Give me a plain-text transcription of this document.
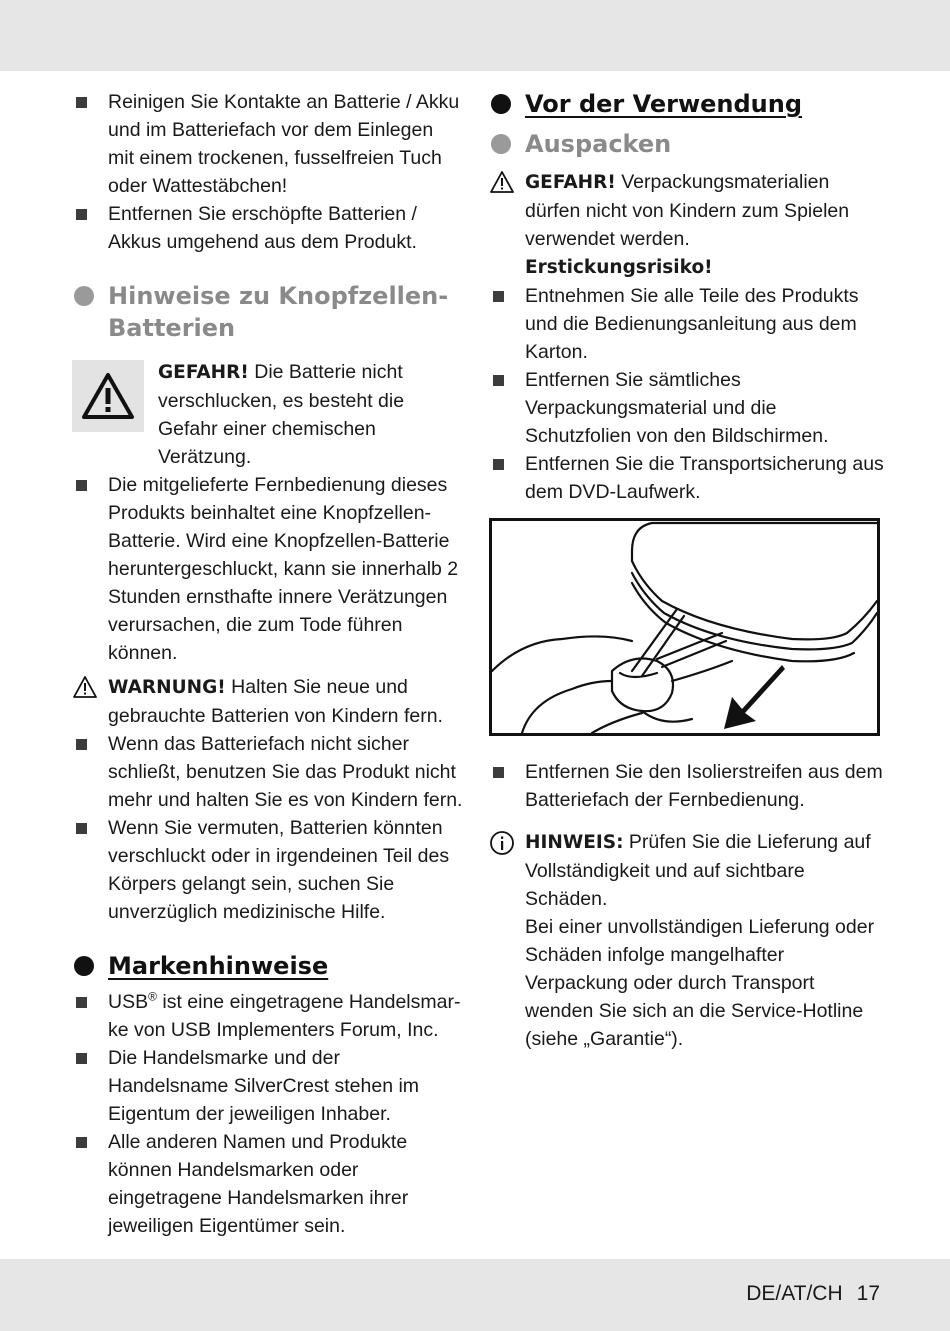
Reinigen Sie Kontakte an Batterie / Akku und im Batteriefach vor dem Einlegen mit einem trockenen, fusselfreien Tuch oder Wattestäbchen!
Entfernen Sie erschöpfte Batterien / Akkus umgehend aus dem Produkt.
Hinweise zu Knopfzellen-
Batterien
GEFAHR! Die Batterie nicht verschlucken, es besteht die Gefahr einer chemischen Verätzung.
Die mitgelieferte Fernbedienung dieses Produkts beinhaltet eine Knopfzellen-Batterie. Wird eine Knopfzellen-Batterie heruntergeschluckt, kann sie innerhalb 2 Stunden ernsthafte innere Verätzungen verursachen, die zum Tode führen können.
WARNUNG! Halten Sie neue und gebrauchte Batterien von Kindern fern.
Wenn das Batteriefach nicht sicher schließt, benutzen Sie das Produkt nicht mehr und halten Sie es von Kindern fern.
Wenn Sie vermuten, Batterien könnten verschluckt oder in irgendeinen Teil des Körpers gelangt sein, suchen Sie unverzüglich medizinische Hilfe.
Markenhinweise
USB® ist eine eingetragene Handelsmar-ke von USB Implementers Forum, Inc.
Die Handelsmarke und der Handelsname SilverCrest stehen im Eigentum der jeweiligen Inhaber.
Alle anderen Namen und Produkte können Handelsmarken oder eingetragene Handelsmarken ihrer jeweiligen Eigentümer sein.
Vor der Verwendung
Auspacken
GEFAHR! Verpackungsmaterialien dürfen nicht von Kindern zum Spielen verwendet werden.
Erstickungsrisiko!
Entnehmen Sie alle Teile des Produkts und die Bedienungsanleitung aus dem Karton.
Entfernen Sie sämtliches Verpackungsmaterial und die Schutzfolien von den Bildschirmen.
Entfernen Sie die Transportsicherung aus dem DVD-Laufwerk.
Entfernen Sie den Isolierstreifen aus dem Batteriefach der Fernbedienung.
HINWEIS: Prüfen Sie die Lieferung auf Vollständigkeit und auf sichtbare Schäden.
Bei einer unvollständigen Lieferung oder Schäden infolge mangelhafter Verpackung oder durch Transport wenden Sie sich an die Service-Hotline (siehe „Garantie“).
DE/AT/CH 17
